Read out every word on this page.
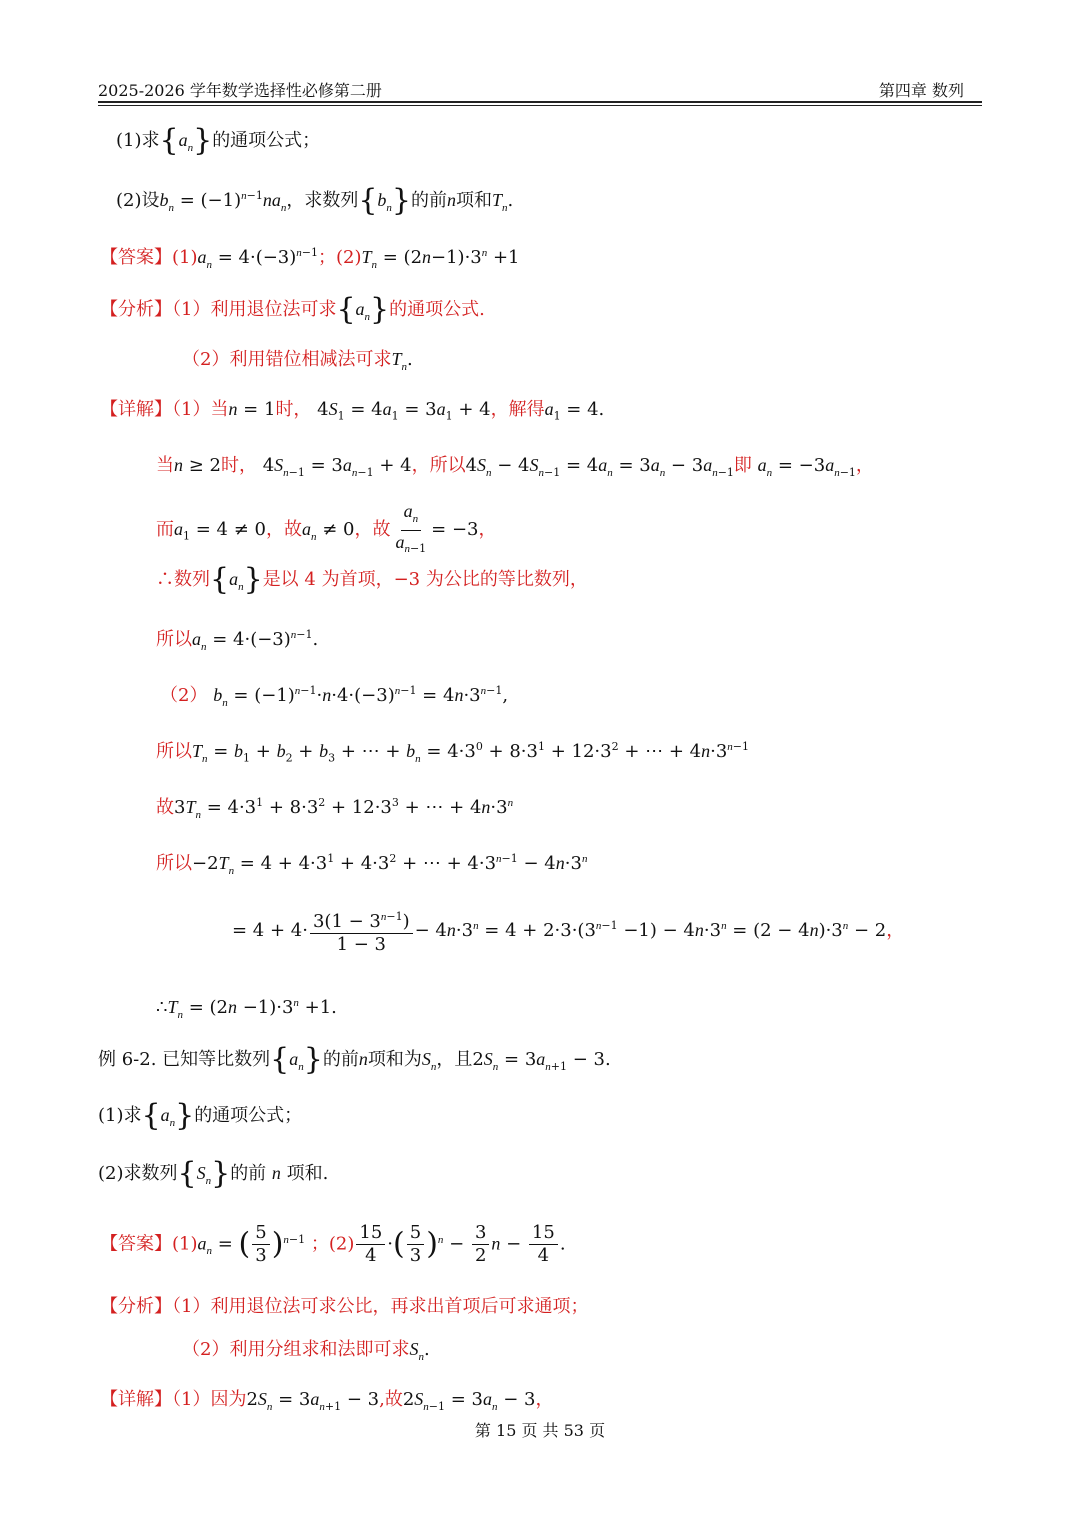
2025-2026 学年数学选择性必修第二册	第四章 数列
(1)求$\{a_n\}$的通项公式；
(2)设$b_n = (-1)^{n-1}na_n$，求数列$\{b_n\}$的前n项和$T_n$.
【答案】$(1)a_n = 4\cdot(-3)^{n-1}$；$(2)T_n = (2n-1)\cdot 3^n +1$
【分析】（1）利用退位法可求$\{a_n\}$的通项公式.
（2）利用错位相减法可求$T_n$.
【详解】（1）当n = 1时， $4S_1 = 4a_1 = 3a_1 + 4$，解得$a_1 = 4$.
当n ≥ 2时， $4S_{n-1} = 3a_{n-1} + 4$，所以$4S_n - 4S_{n-1} = 4a_n = 3a_n - 3a_{n-1}$即 $a_n = -3a_{n-1}$，
而$a_1 = 4 \ne 0$，故$a_n \ne 0$，故 $\frac{a_n}{a_{n-1}} = -3$，
∴数列$\{a_n\}$是以 4 为首项，−3 为公比的等比数列，
所以$a_n = 4\cdot(-3)^{n-1}$.
（2） $b_n = (-1)^{n-1}\cdot n\cdot 4\cdot(-3)^{n-1} = 4n\cdot 3^{n-1}$,
所以$T_n = b_1 + b_2 + b_3$ + ⋯ + $b_n = 4\cdot 3^0 + 8\cdot 3^1 + 12\cdot 3^2$ + ⋯ + $4n\cdot 3^{n-1}$
故$3T_n = 4\cdot 3^1 + 8\cdot 3^2 + 12\cdot 3^3$ + ⋯ + $4n\cdot 3^n$
所以$-2T_n = 4 + 4\cdot 3^1 + 4\cdot 3^2$ + ⋯ + $4\cdot 3^{n-1} - 4n\cdot 3^n$
= $4 + 4\cdot \frac{3(1 - 3^{n-1})}{1 - 3} - 4n\cdot 3^n = 4 + 2\cdot 3\cdot(3^{n-1} -1) - 4n\cdot 3^n = (2 - 4n)\cdot 3^n - 2$，
$\therefore T_n = (2n -1)\cdot 3^n +1$.
例 6-2. 已知等比数列$\{a_n\}$的前n项和为$S_n$，且$2S_n = 3a_{n+1} - 3$.
(1)求$\{a_n\}$的通项公式；
(2)求数列$\{S_n\}$的前 n 项和.
【答案】$(1)a_n$ = ( $\frac{5}{3} )^{n-1}$ ；$(2) \frac{15}{4}$ ·( $\frac{5}{3} )^n - \frac{3}{2}$ $n - \frac{15}{4}$ .
【分析】（1）利用退位法可求公比，再求出首项后可求通项；
（2）利用分组求和法即可求$S_n$.
【详解】（1）因为$2S_n = 3a_{n+1} - 3$,故$2S_{n-1} = 3a_n - 3$，
第 15 页 共 53 页
